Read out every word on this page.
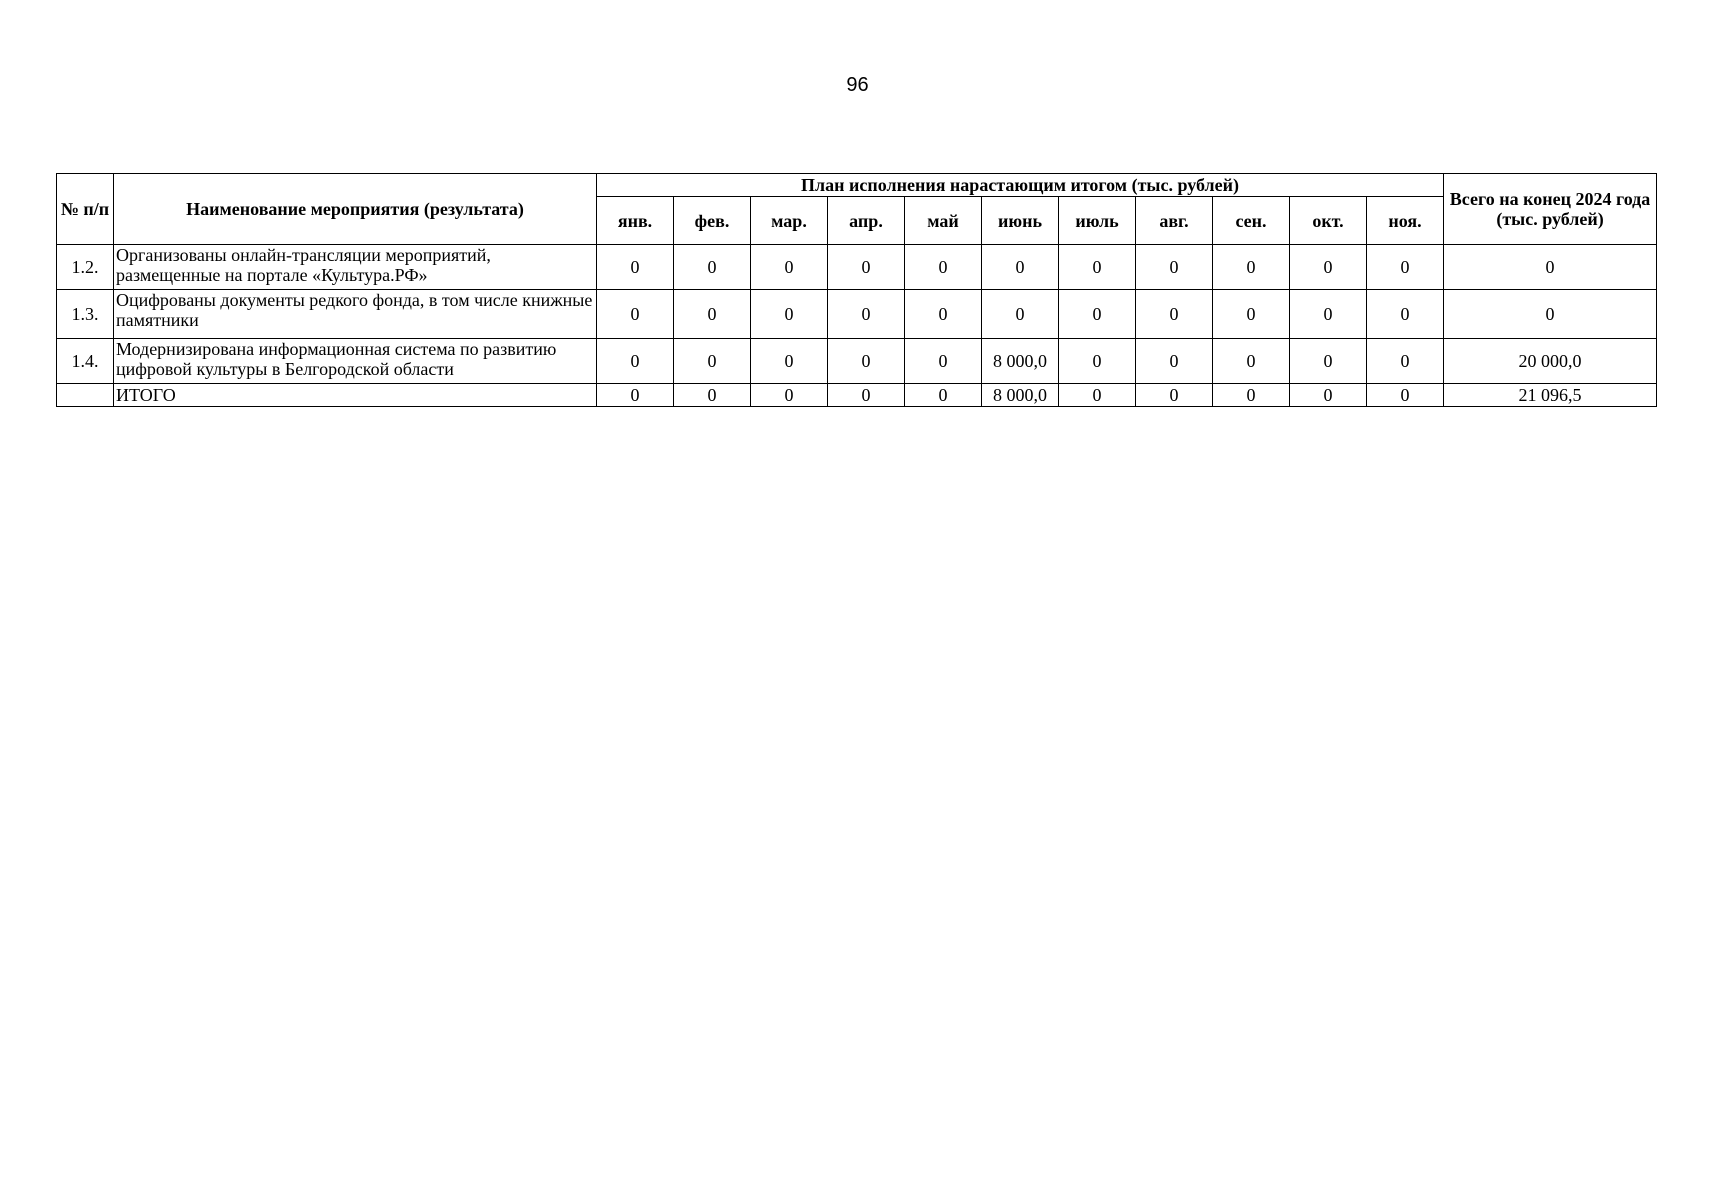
96
№ п/п	Наименование мероприятия (результата)	План исполнения нарастающим итогом (тыс. рублей)											Всего на конец 2024 года (тыс. рублей)
		янв.	фев.	мар.	апр.	май	июнь	июль	авг.	сен.	окт.	ноя.	
1.2.	Организованы онлайн-трансляции мероприятий, размещенные на портале «Культура.РФ»	0	0	0	0	0	0	0	0	0	0	0	0
1.3.	Оцифрованы документы редкого фонда, в том числе книжные памятники	0	0	0	0	0	0	0	0	0	0	0	0
1.4.	Модернизирована информационная система по развитию цифровой культуры в Белгородской области	0	0	0	0	0	8 000,0	0	0	0	0	0	20 000,0
	ИТОГО	0	0	0	0	0	8 000,0	0	0	0	0	0	21 096,5
